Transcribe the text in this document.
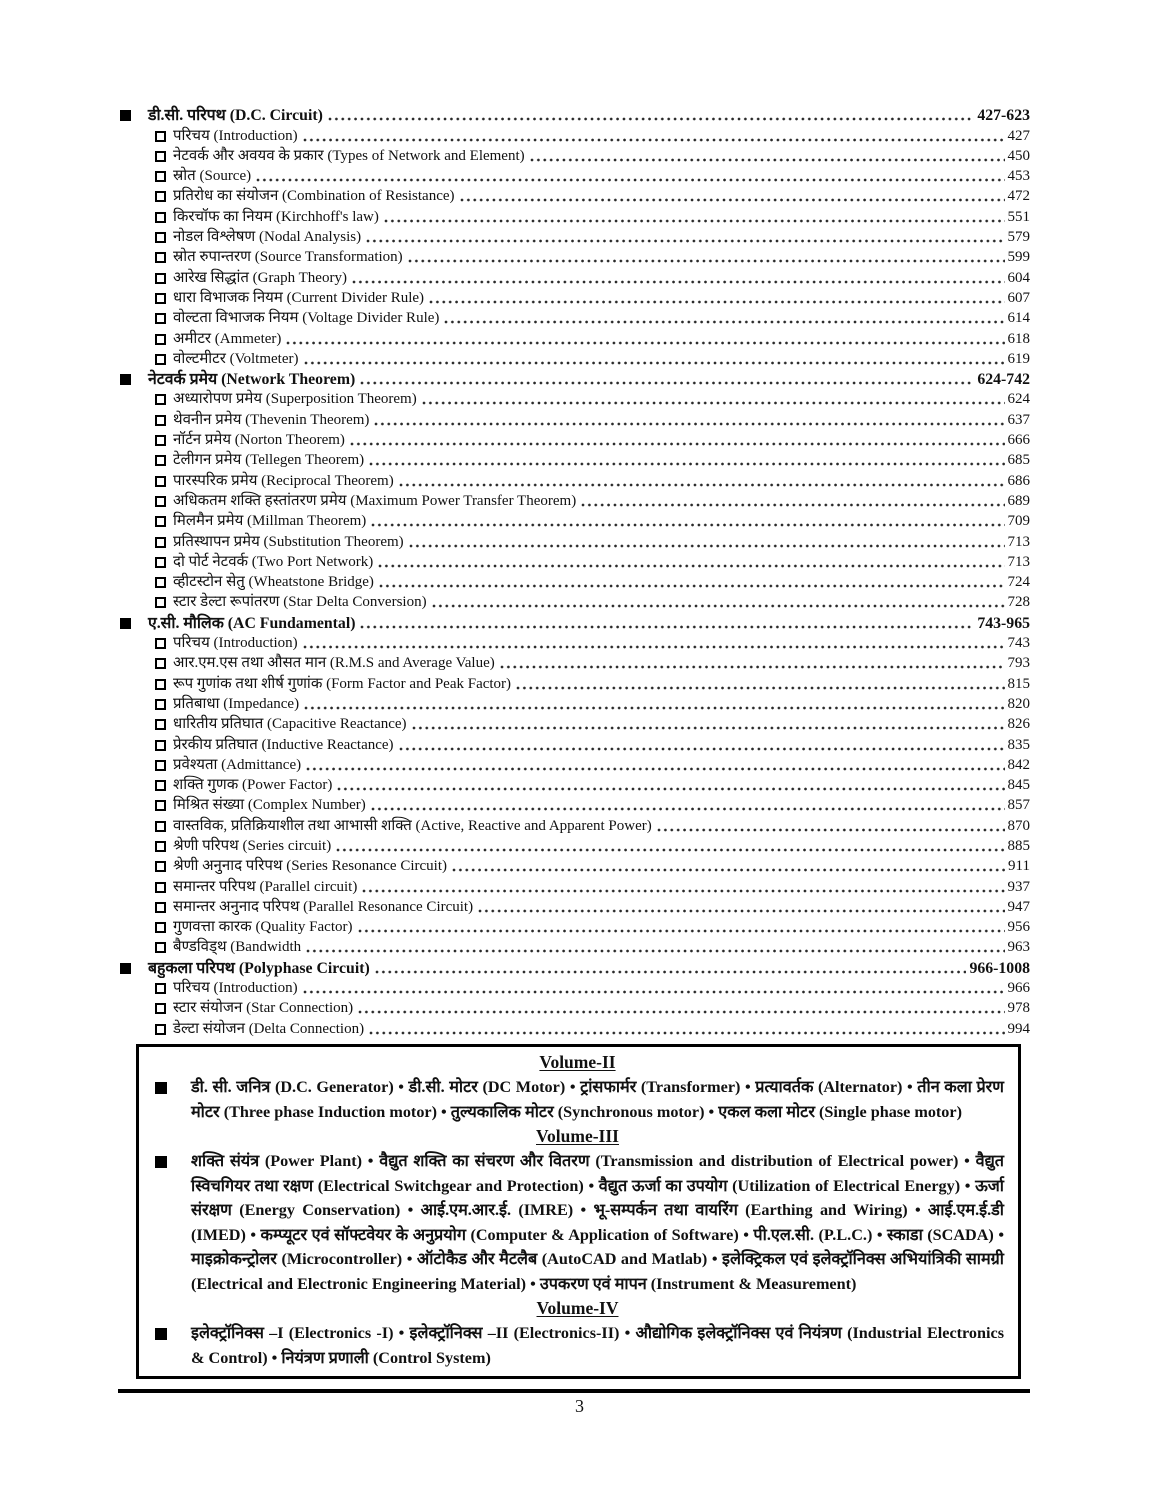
डी.सी. परिपथ (D.C. Circuit)	427-623
परिचय (Introduction)	427
नेटवर्क और अवयव के प्रकार (Types of Network and Element)	450
स्रोत (Source)	453
प्रतिरोध का संयोजन (Combination of Resistance)	472
किरचॉफ का नियम (Kirchhoff's law)	551
नोडल विश्लेषण (Nodal Analysis)	579
स्रोत रुपान्तरण (Source Transformation)	599
आरेख सिद्धांत (Graph Theory)	604
धारा विभाजक नियम (Current Divider Rule)	607
वोल्टता विभाजक नियम (Voltage Divider Rule)	614
अमीटर (Ammeter)	618
वोल्टमीटर (Voltmeter)	619
नेटवर्क प्रमेय (Network Theorem)	624-742
अध्यारोपण प्रमेय (Superposition Theorem)	624
थेवनीन प्रमेय (Thevenin Theorem)	637
नॉर्टन प्रमेय (Norton Theorem)	666
टेलीगन प्रमेय (Tellegen Theorem)	685
पारस्परिक प्रमेय (Reciprocal Theorem)	686
अधिकतम शक्ति हस्तांतरण प्रमेय (Maximum Power Transfer Theorem)	689
मिलमैन प्रमेय (Millman Theorem)	709
प्रतिस्थापन प्रमेय (Substitution Theorem)	713
दो पोर्ट नेटवर्क (Two Port Network)	713
व्हीटस्टोन सेतु (Wheatstone Bridge)	724
स्टार डेल्टा रूपांतरण (Star Delta Conversion)	728
ए.सी. मौलिक (AC Fundamental)	743-965
परिचय (Introduction)	743
आर.एम.एस तथा औसत मान (R.M.S and Average Value)	793
रूप गुणांक तथा शीर्ष गुणांक (Form Factor and Peak Factor)	815
प्रतिबाधा (Impedance)	820
धारितीय प्रतिघात (Capacitive Reactance)	826
प्रेरकीय प्रतिघात (Inductive Reactance)	835
प्रवेश्यता (Admittance)	842
शक्ति गुणक (Power Factor)	845
मिश्रित संख्या (Complex Number)	857
वास्तविक, प्रतिक्रियाशील तथा आभासी शक्ति (Active, Reactive and Apparent Power)	870
श्रेणी परिपथ (Series circuit)	885
श्रेणी अनुनाद परिपथ (Series Resonance Circuit)	911
समान्तर परिपथ (Parallel circuit)	937
समान्तर अनुनाद परिपथ (Parallel Resonance Circuit)	947
गुणवत्ता कारक (Quality Factor)	956
बैण्डविड्थ (Bandwidth	963
बहुकला परिपथ (Polyphase Circuit)	966-1008
परिचय (Introduction)	966
स्टार संयोजन (Star Connection)	978
डेल्टा संयोजन (Delta Connection)	994
Volume-II
डी. सी. जनित्र (D.C. Generator) • डी.सी. मोटर (DC Motor) • ट्रांसफार्मर (Transformer) • प्रत्यावर्तक (Alternator) • तीन कला प्रेरण मोटर (Three phase Induction motor) • तुल्यकालिक मोटर (Synchronous motor) • एकल कला मोटर (Single phase motor)
Volume-III
शक्ति संयंत्र (Power Plant) • वैद्युत शक्ति का संचरण और वितरण (Transmission and distribution of Electrical power) • वैद्युत स्विचगियर तथा रक्षण (Electrical Switchgear and Protection) • वैद्युत ऊर्जा का उपयोग (Utilization of Electrical Energy) • ऊर्जा संरक्षण (Energy Conservation) • आई.एम.आर.ई. (IMRE) • भू-सम्पर्कन तथा वायरिंग (Earthing and Wiring) • आई.एम.ई.डी (IMED) • कम्प्यूटर एवं सॉफ्टवेयर के अनुप्रयोग (Computer & Application of Software) • पी.एल.सी. (P.L.C.) • स्काडा (SCADA) • माइक्रोकन्ट्रोलर (Microcontroller) • ऑटोकैड और मैटलैब (AutoCAD and Matlab) • इलेक्ट्रिकल एवं इलेक्ट्रॉनिक्स अभियांत्रिकी सामग्री (Electrical and Electronic Engineering Material) • उपकरण एवं मापन (Instrument & Measurement)
Volume-IV
इलेक्ट्रॉनिक्स –I (Electronics -I) • इलेक्ट्रॉनिक्स –II (Electronics-II) • औद्योगिक इलेक्ट्रॉनिक्स एवं नियंत्रण (Industrial Electronics & Control) • नियंत्रण प्रणाली (Control System)
3
